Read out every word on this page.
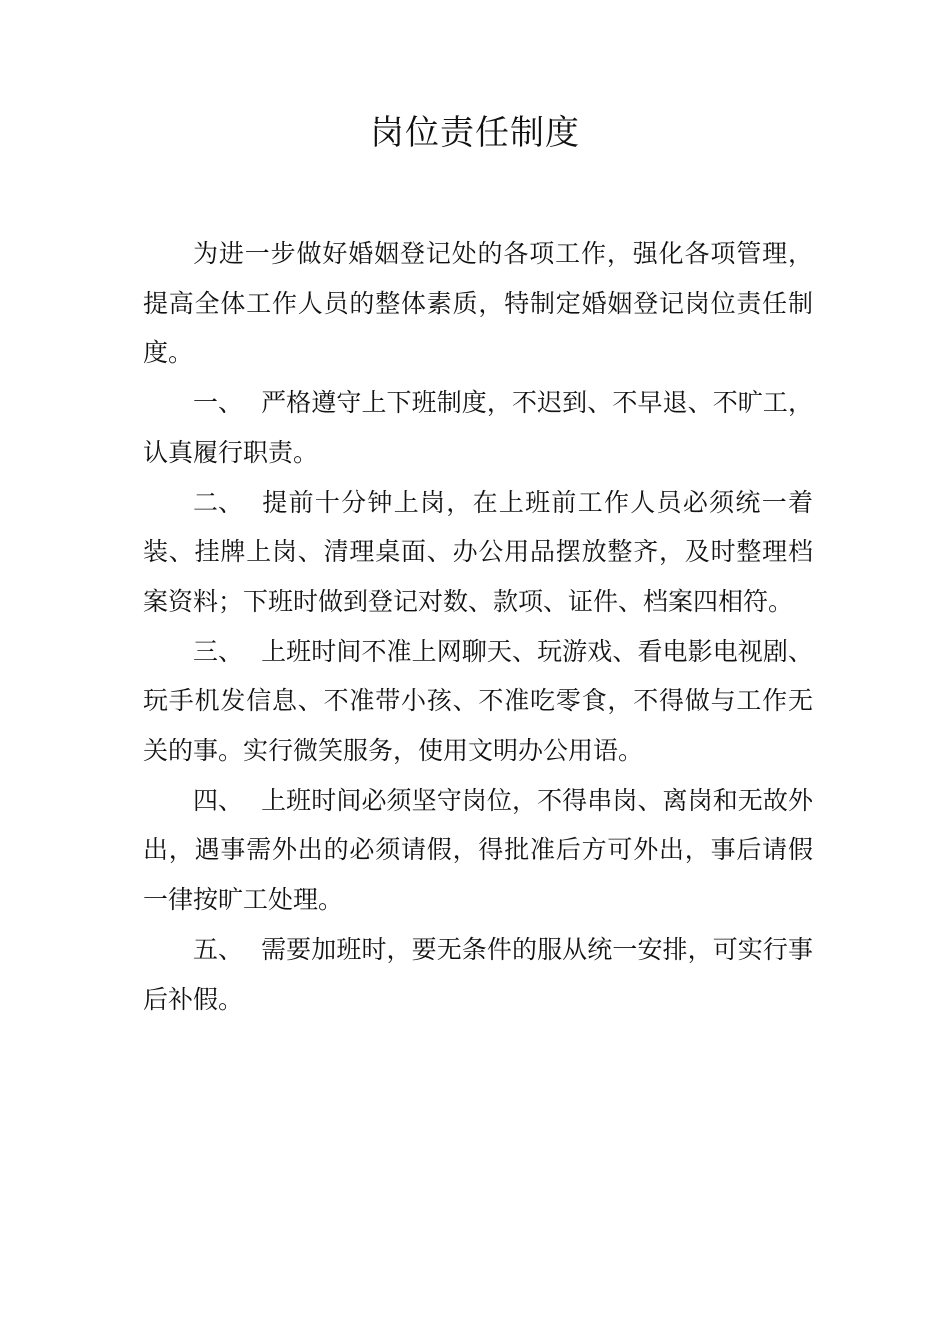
岗位责任制度

为进一步做好婚姻登记处的各项工作，强化各项管理，提高全体工作人员的整体素质，特制定婚姻登记岗位责任制度。

一、 严格遵守上下班制度，不迟到、不早退、不旷工，认真履行职责。

二、 提前十分钟上岗，在上班前工作人员必须统一着装、挂牌上岗、清理桌面、办公用品摆放整齐，及时整理档案资料；下班时做到登记对数、款项、证件、档案四相符。

三、 上班时间不准上网聊天、玩游戏、看电影电视剧、玩手机发信息、不准带小孩、不准吃零食，不得做与工作无关的事。实行微笑服务，使用文明办公用语。

四、 上班时间必须坚守岗位，不得串岗、离岗和无故外出，遇事需外出的必须请假，得批准后方可外出，事后请假一律按旷工处理。

五、 需要加班时，要无条件的服从统一安排，可实行事后补假。
